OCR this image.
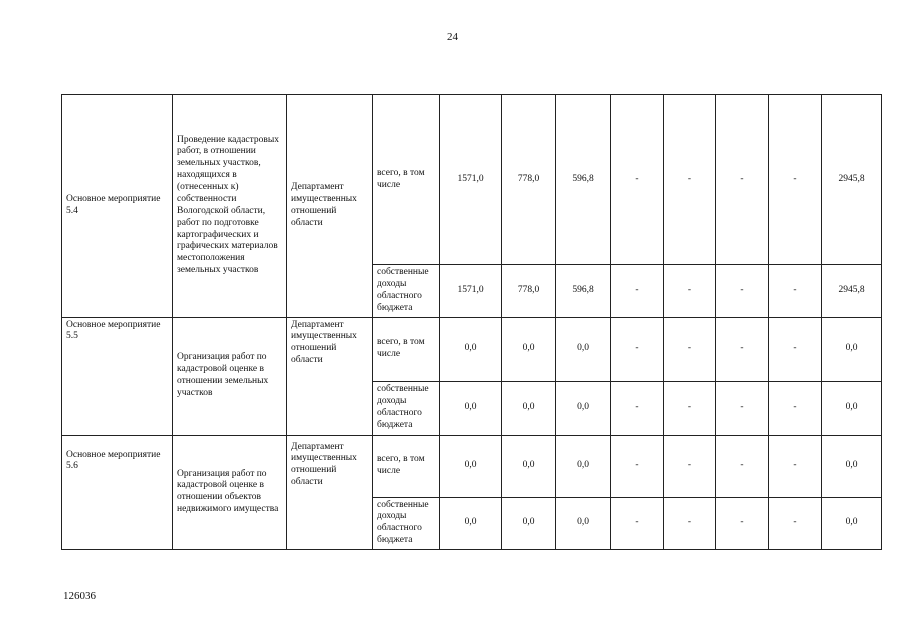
24
Основное мероприятие 5.4	Проведение кадастровых работ, в отношении земельных участков, находящихся в (отнесенных к) собственности Вологодской области, работ по подготовке картографических и графических материалов местоположения земельных участков	Департамент имущественных отношений области	всего, в том числе	1571,0	778,0	596,8	-	-	-	-	2945,8
			собственные доходы областного бюджета	1571,0	778,0	596,8	-	-	-	-	2945,8
Основное мероприятие 5.5	Организация работ по кадастровой оценке в отношении земельных участков	Департамент имущественных отношений области	всего, в том числе	0,0	0,0	0,0	-	-	-	-	0,0
			собственные доходы областного бюджета	0,0	0,0	0,0	-	-	-	-	0,0
Основное мероприятие 5.6	Организация работ по кадастровой оценке в отношении объектов недвижимого имущества	Департамент имущественных отношений области	всего, в том числе	0,0	0,0	0,0	-	-	-	-	0,0
			собственные доходы областного бюджета	0,0	0,0	0,0	-	-	-	-	0,0
126036
